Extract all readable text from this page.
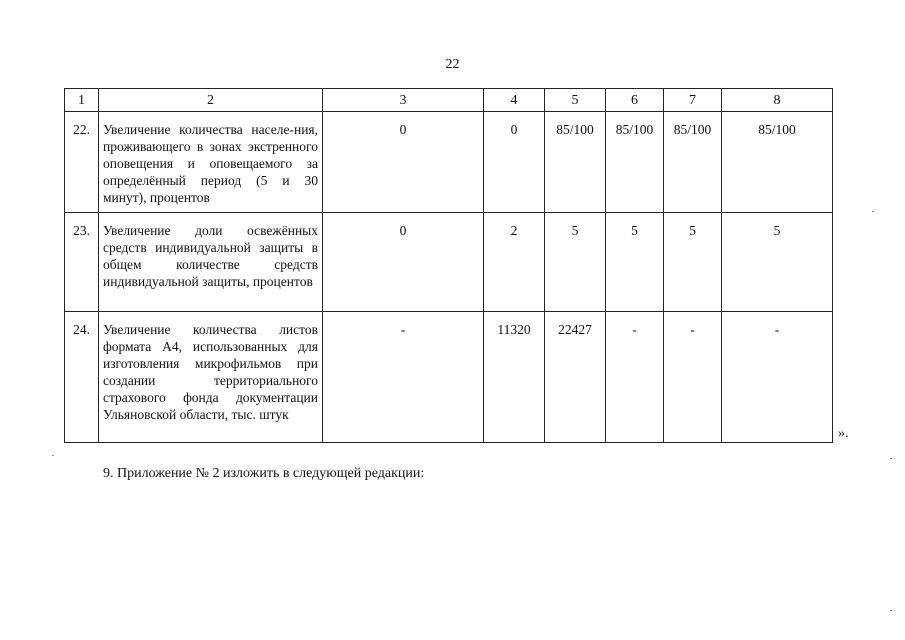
22
1	2	3	4	5	6	7	8
22.	Увеличение количества населе-ния, проживающего в зонах экстренного оповещения и оповещаемого за определённый период (5 и 30 минут), процентов	0	0	85/100	85/100	85/100	85/100
23.	Увеличение доли освежённых средств индивидуальной защиты в общем количестве средств индивидуальной защиты, процентов	0	2	5	5	5	5
24.	Увеличение количества листов формата А4, использованных для изготовления микрофильмов при создании территориального страхового фонда документации Ульяновской области, тыс. штук	-	11320	22427	-	-	-
».
9. Приложение № 2 изложить в следующей редакции:
